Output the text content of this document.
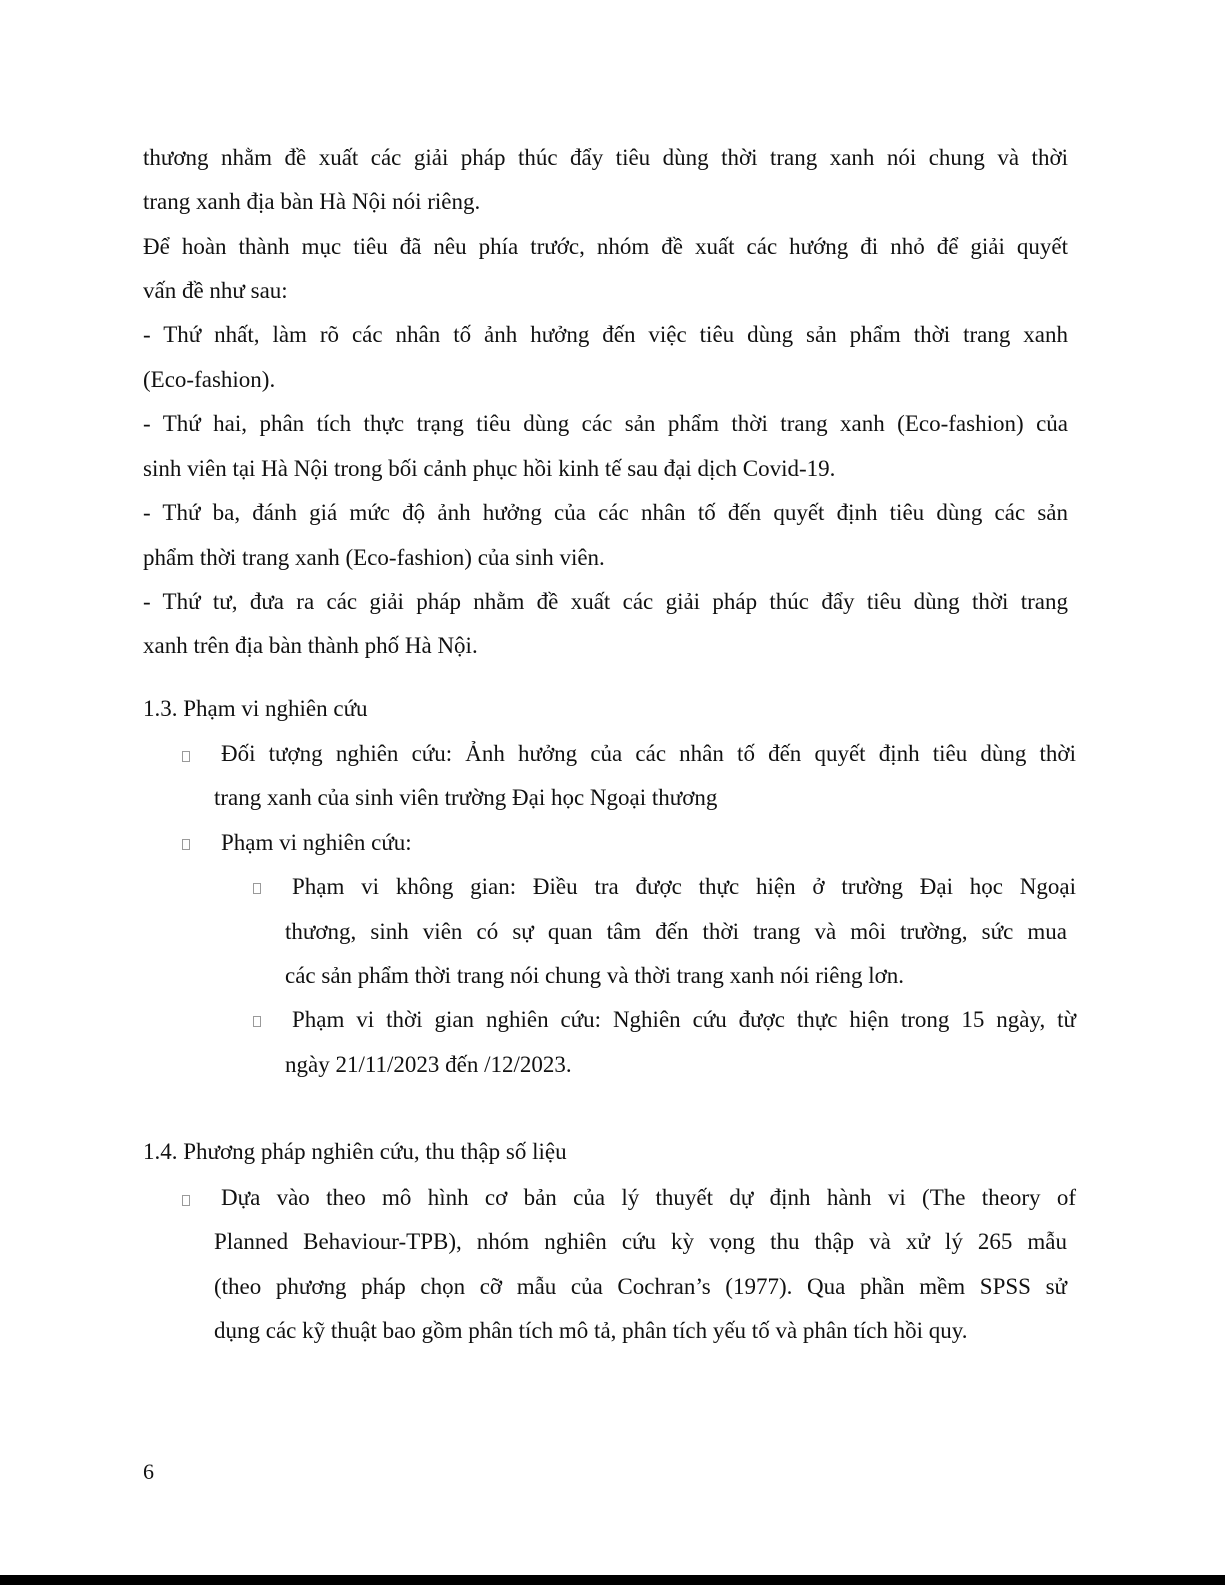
thương nhằm đề xuất các giải pháp thúc đẩy tiêu dùng thời trang xanh nói chung và thời
trang xanh địa bàn Hà Nội nói riêng.
Để hoàn thành mục tiêu đã nêu phía trước, nhóm đề xuất các hướng đi nhỏ để giải quyết
vấn đề như sau:
- Thứ nhất, làm rõ các nhân tố ảnh hưởng đến việc tiêu dùng sản phẩm thời trang xanh
(Eco-fashion).
- Thứ hai, phân tích thực trạng tiêu dùng các sản phẩm thời trang xanh (Eco-fashion) của
sinh viên tại Hà Nội trong bối cảnh phục hồi kinh tế sau đại dịch Covid-19.
- Thứ ba, đánh giá mức độ ảnh hưởng của các nhân tố đến quyết định tiêu dùng các sản
phẩm thời trang xanh (Eco-fashion) của sinh viên.
- Thứ tư, đưa ra các giải pháp nhằm đề xuất các giải pháp thúc đẩy tiêu dùng thời trang
xanh trên địa bàn thành phố Hà Nội.
1.3. Phạm vi nghiên cứu
Đối tượng nghiên cứu: Ảnh hưởng của các nhân tố đến quyết định tiêu dùng thời
trang xanh của sinh viên trường Đại học Ngoại thương
Phạm vi nghiên cứu:
Phạm vi không gian: Điều tra được thực hiện ở trường Đại học Ngoại
thương, sinh viên có sự quan tâm đến thời trang và môi trường, sức mua
các sản phẩm thời trang nói chung và thời trang xanh nói riêng lơn.
Phạm vi thời gian nghiên cứu: Nghiên cứu được thực hiện trong 15 ngày, từ
ngày 21/11/2023 đến /12/2023.
1.4. Phương pháp nghiên cứu, thu thập số liệu
Dựa vào theo mô hình cơ bản của lý thuyết dự định hành vi (The theory of
Planned Behaviour-TPB), nhóm nghiên cứu kỳ vọng thu thập và xử lý 265 mẫu
(theo phương pháp chọn cỡ mẫu của Cochran’s (1977). Qua phần mềm SPSS sử
dụng các kỹ thuật bao gồm phân tích mô tả, phân tích yếu tố và phân tích hồi quy.
6
